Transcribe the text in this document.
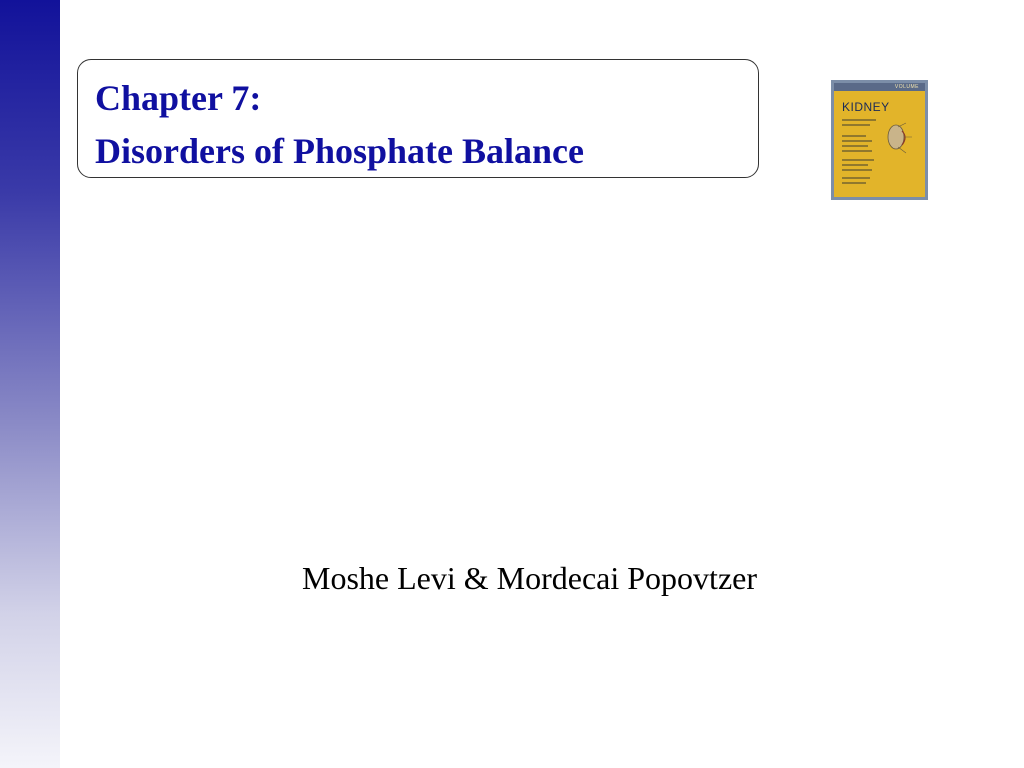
Chapter 7:

Disorders of Phosphate Balance

VOLUME
KIDNEY

Moshe Levi & Mordecai Popovtzer
